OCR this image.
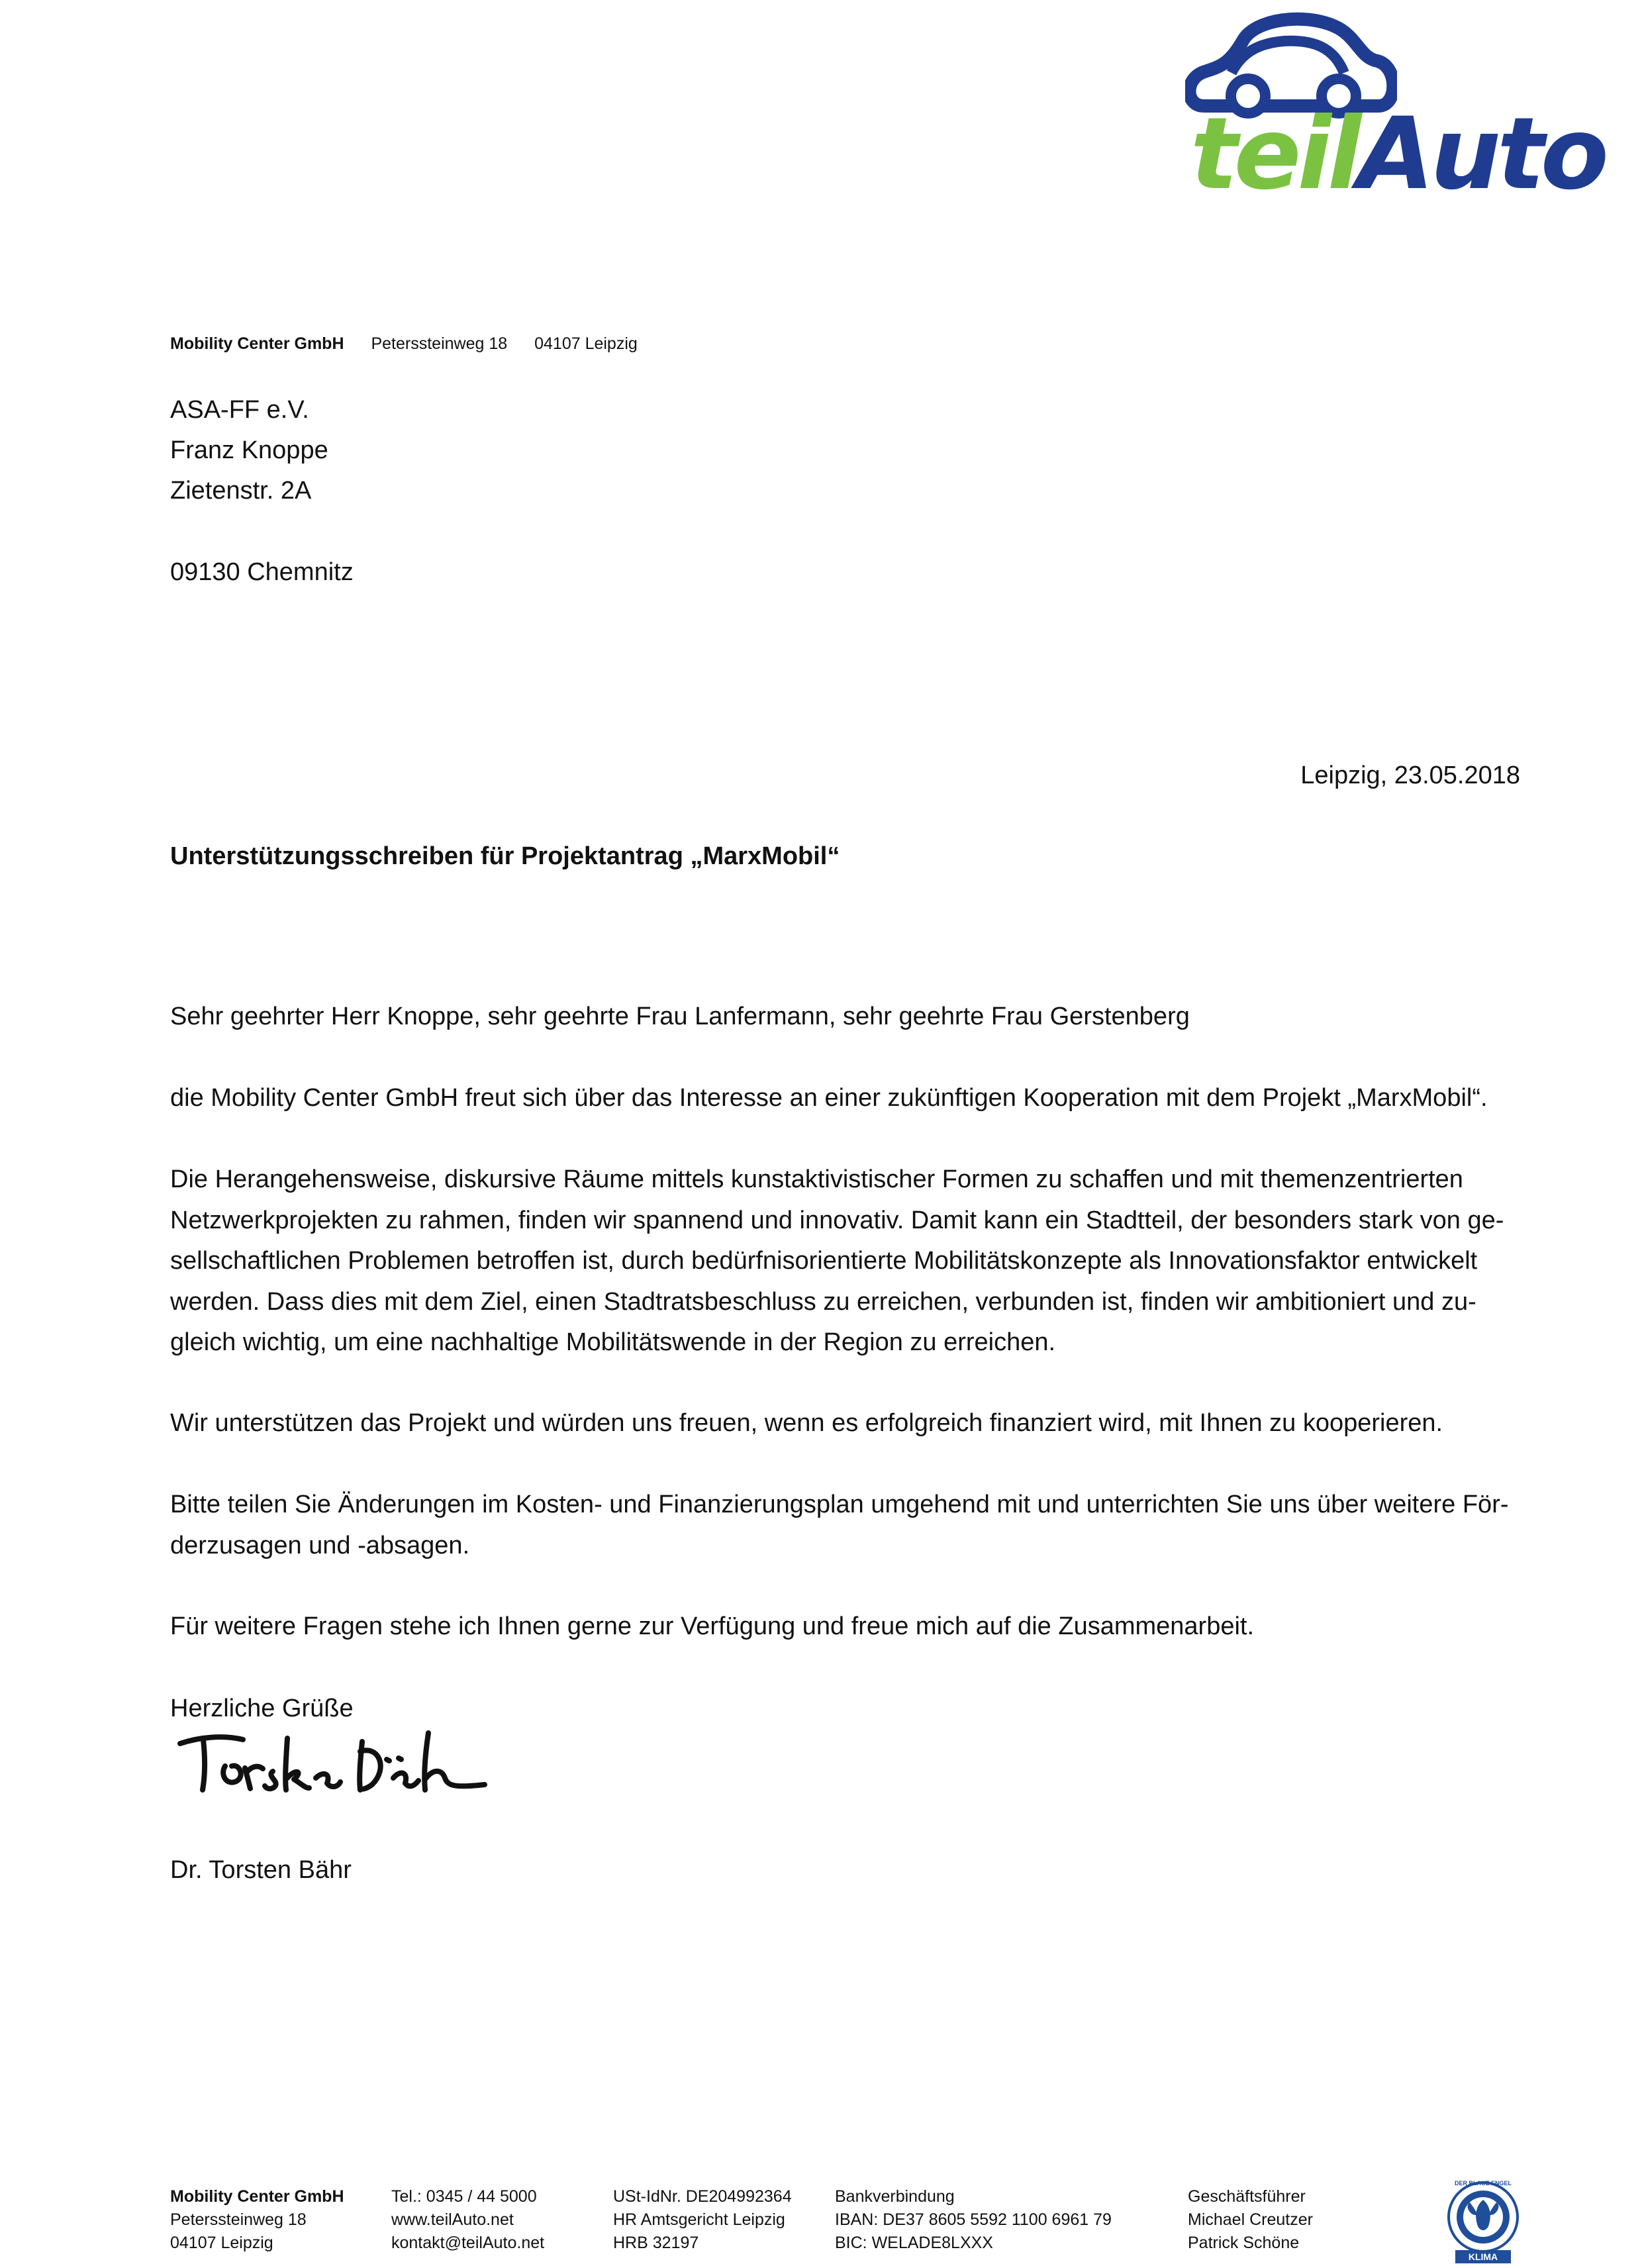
teilAuto
Mobility Center GmbH Peterssteinweg 18 04107 Leipzig
ASA-FF e.V.
Franz Knoppe
Zietenstr. 2A
09130 Chemnitz
Leipzig, 23.05.2018
Unterstützungsschreiben für Projektantrag „MarxMobil“

Sehr geehrter Herr Knoppe, sehr geehrte Frau Lanfermann, sehr geehrte Frau Gerstenberg

die Mobility Center GmbH freut sich über das Interesse an einer zukünftigen Kooperation mit dem Projekt „MarxMobil“.

Die Herangehensweise, diskursive Räume mittels kunstaktivistischer Formen zu schaffen und mit themenzentrierten
Netzwerkprojekten zu rahmen, finden wir spannend und innovativ. Damit kann ein Stadtteil, der besonders stark von ge-
sellschaftlichen Problemen betroffen ist, durch bedürfnisorientierte Mobilitätskonzepte als Innovationsfaktor entwickelt
werden. Dass dies mit dem Ziel, einen Stadtratsbeschluss zu erreichen, verbunden ist, finden wir ambitioniert und zu-
gleich wichtig, um eine nachhaltige Mobilitätswende in der Region zu erreichen.

Wir unterstützen das Projekt und würden uns freuen, wenn es erfolgreich finanziert wird, mit Ihnen zu kooperieren.

Bitte teilen Sie Änderungen im Kosten- und Finanzierungsplan umgehend mit und unterrichten Sie uns über weitere För-
derzusagen und -absagen.

Für weitere Fragen stehe ich Ihnen gerne zur Verfügung und freue mich auf die Zusammenarbeit.

Herzliche Grüße
Dr. Torsten Bähr
Mobility Center GmbH
Peterssteinweg 18
04107 Leipzig
Tel.: 0345 / 44 5000
www.teilAuto.net
kontakt@teilAuto.net
USt-IdNr. DE204992364
HR Amtsgericht Leipzig
HRB 32197
Bankverbindung
IBAN: DE37 8605 5592 1100 6961 79
BIC: WELADE8LXXX
Geschäftsführer
Michael Creutzer
Patrick Schöne
DER BLAUE ENGEL
KLIMA
